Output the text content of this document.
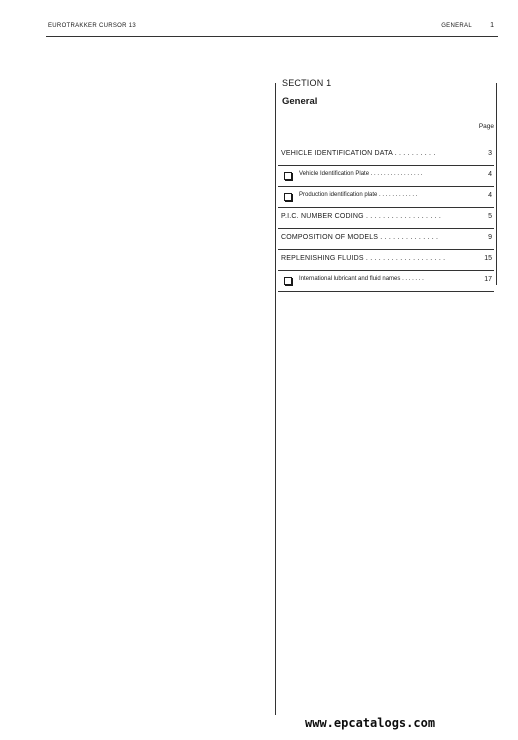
EUROTRAKKER CURSOR 13	GENERAL	1
SECTION 1
General
Page
VEHICLE IDENTIFICATION DATA . . . . . . . . . .	3
Vehicle Identification Plate . . . . . . . . . . . . . . . .	4
Production identification plate . . . . . . . . . . . .	4
P.I.C. NUMBER CODING . . . . . . . . . . . . . . . . . .	5
COMPOSITION OF MODELS . . . . . . . . . . . . . .	9
REPLENISHING FLUIDS . . . . . . . . . . . . . . . . . . .	15
International lubricant and fluid names . . . . . . .	17
www.epcatalogs.com
